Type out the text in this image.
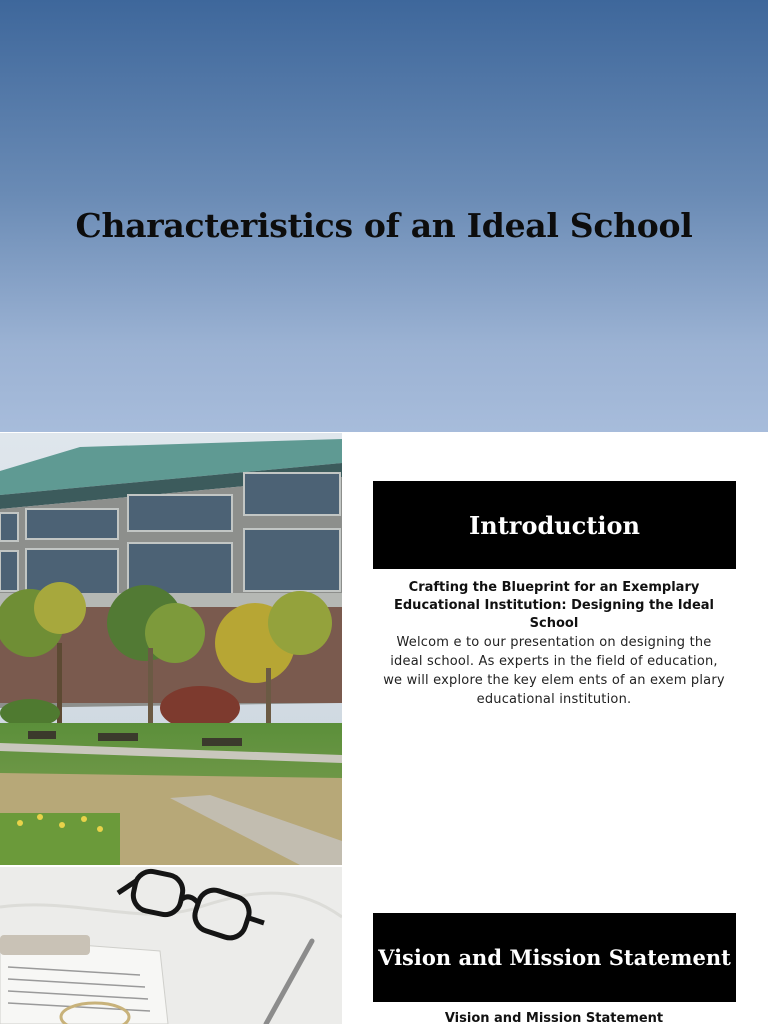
Characteristics of an Ideal School
Introduction
Crafting the Blueprint for an Exemplary Educational Institution: Designing the Ideal School
Welcom e to our presentation on designing the ideal school. As experts in the field of education, we will explore the key elem ents of an exem plary educational institution.
Vision and Mission Statement
Vision and Mission Statement
